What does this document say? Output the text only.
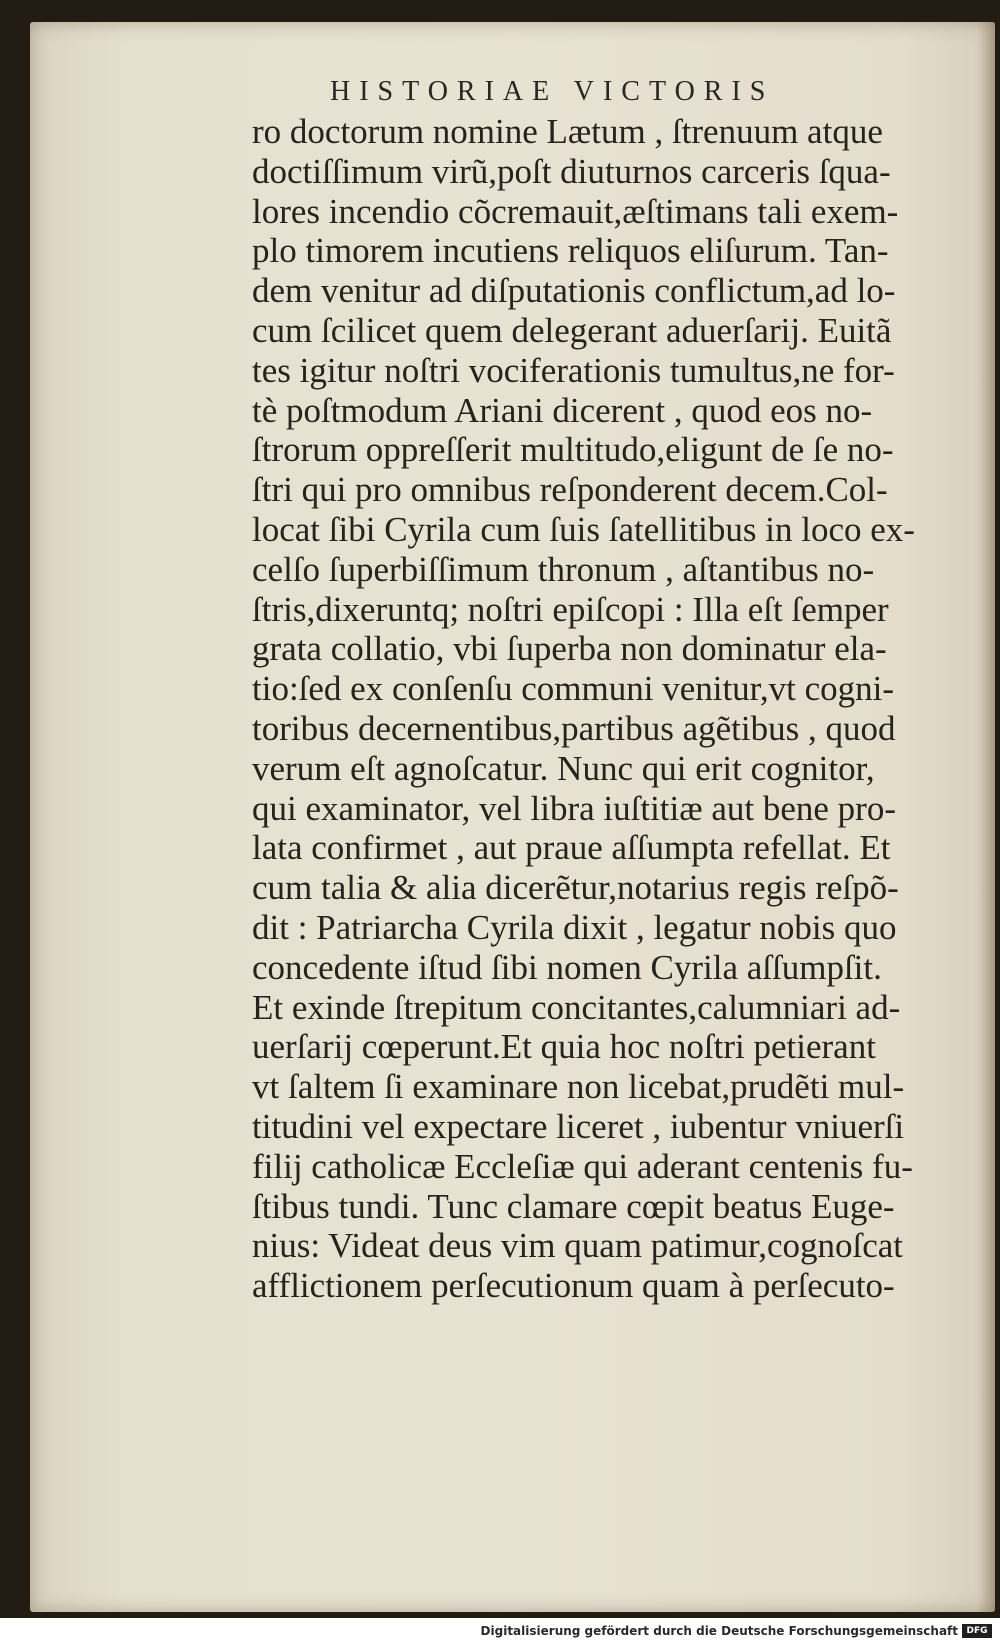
HISTORIAE VICTORIS
ro doctorum nomine Lætum , ſtrenuum atque
doctiſſimum virũ,poſt diuturnos carceris ſqua-
lores incendio cõcremauit,æſtimans tali exem-
plo timorem incutiens reliquos eliſurum. Tan-
dem venitur ad diſputationis conflictum,ad lo-
cum ſcilicet quem delegerant aduerſarij. Euitã
tes igitur noſtri vociferationis tumultus,ne for-
tè poſtmodum Ariani dicerent , quod eos no-
ſtrorum oppreſſerit multitudo,eligunt de ſe no-
ſtri qui pro omnibus reſponderent decem.Col-
locat ſibi Cyrila cum ſuis ſatellitibus in loco ex-
celſo ſuperbiſſimum thronum , aſtantibus no-
ſtris,dixeruntq; noſtri epiſcopi : Illa eſt ſemper
grata collatio, vbi ſuperba non dominatur ela-
tio:ſed ex conſenſu communi venitur,vt cogni-
toribus decernentibus,partibus agẽtibus , quod
verum eſt agnoſcatur. Nunc qui erit cognitor,
qui examinator, vel libra iuſtitiæ aut bene pro-
lata confirmet , aut praue aſſumpta refellat. Et
cum talia & alia dicerẽtur,notarius regis reſpõ-
dit : Patriarcha Cyrila dixit , legatur nobis quo
concedente iſtud ſibi nomen Cyrila aſſumpſit.
Et exinde ſtrepitum concitantes,calumniari ad-
uerſarij cœperunt.Et quia hoc noſtri petierant
vt ſaltem ſi examinare non licebat,prudẽti mul-
titudini vel expectare liceret , iubentur vniuerſi
filij catholicæ Eccleſiæ qui aderant centenis fu-
ſtibus tundi. Tunc clamare cœpit beatus Euge-
nius: Videat deus vim quam patimur,cognoſcat
afflictionem perſecutionum quam à perſecuto-
Digitalisierung gefördert durch die Deutsche Forschungsgemeinschaft DFG
